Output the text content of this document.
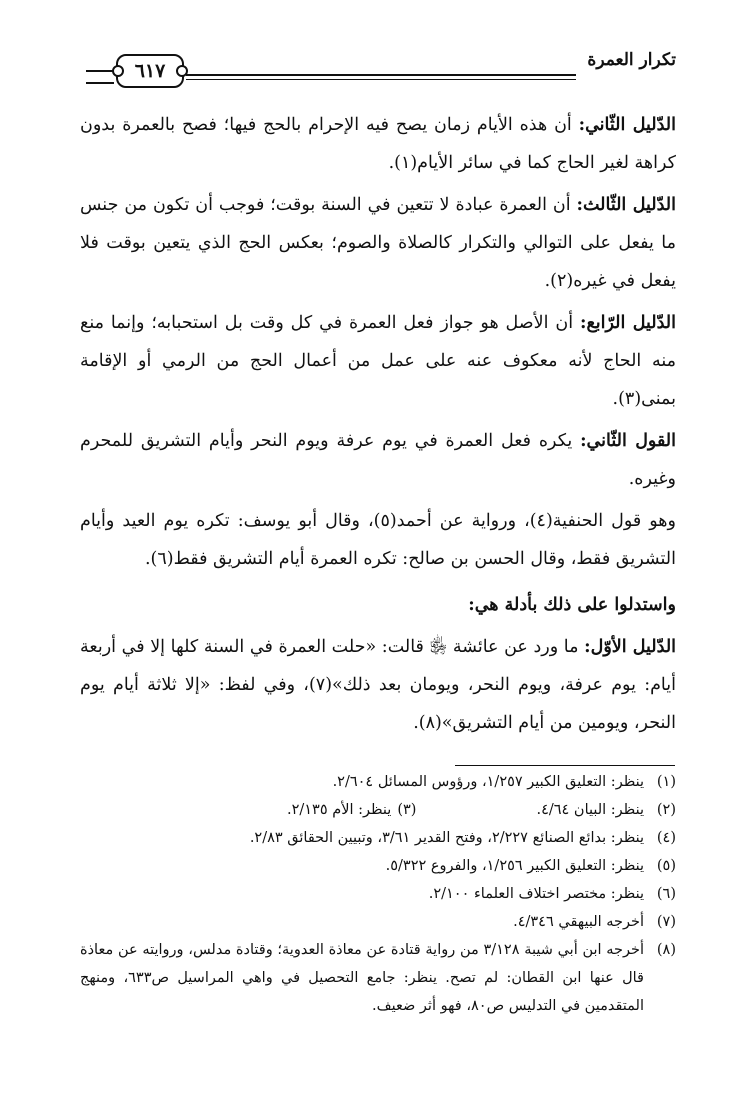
تكرار العمرة
٦١٧

الدّليل الثّاني: أن هذه الأيام زمان يصح فيه الإحرام بالحج فيها؛ فصح بالعمرة بدون كراهة لغير الحاج كما في سائر الأيام(١).

الدّليل الثّالث: أن العمرة عبادة لا تتعين في السنة بوقت؛ فوجب أن تكون من جنس ما يفعل على التوالي والتكرار كالصلاة والصوم؛ بعكس الحج الذي يتعين بوقت فلا يفعل في غيره(٢).

الدّليل الرّابع: أن الأصل هو جواز فعل العمرة في كل وقت بل استحبابه؛ وإنما منع منه الحاج لأنه معكوف عنه على عمل من أعمال الحج من الرمي أو الإقامة بمنى(٣).

القول الثّاني: يكره فعل العمرة في يوم عرفة ويوم النحر وأيام التشريق للمحرم وغيره.

وهو قول الحنفية(٤)، ورواية عن أحمد(٥)، وقال أبو يوسف: تكره يوم العيد وأيام التشريق فقط، وقال الحسن بن صالح: تكره العمرة أيام التشريق فقط(٦).

واستدلوا على ذلك بأدلة هي:

الدّليل الأوّل: ما ورد عن عائشة ﵂ قالت: «حلت العمرة في السنة كلها إلا في أربعة أيام: يوم عرفة، ويوم النحر، ويومان بعد ذلك»(٧)، وفي لفظ: «إلا ثلاثة أيام يوم النحر، ويومين من أيام التشريق»(٨).

(١)
ينظر: التعليق الكبير ١/٢٥٧، ورؤوس المسائل ٢/٦٠٤.
(٢)
ينظر: البيان ٤/٦٤.(٣)ينظر: الأم ٢/١٣٥.
(٤)
ينظر: بدائع الصنائع ٢/٢٢٧، وفتح القدير ٣/٦١، وتبيين الحقائق ٢/٨٣.
(٥)
ينظر: التعليق الكبير ١/٢٥٦، والفروع ٥/٣٢٢.
(٦)
ينظر: مختصر اختلاف العلماء ٢/١٠٠.
(٧)
أخرجه البيهقي ٤/٣٤٦.
(٨)
أخرجه ابن أبي شيبة ٣/١٢٨ من رواية قتادة عن معاذة العدوية؛ وقتادة مدلس، وروايته عن معاذة قال عنها ابن القطان: لم تصح. ينظر: جامع التحصيل في واهي المراسيل ص٦٣٣، ومنهج المتقدمين في التدليس ص٨٠، فهو أثر ضعيف.
